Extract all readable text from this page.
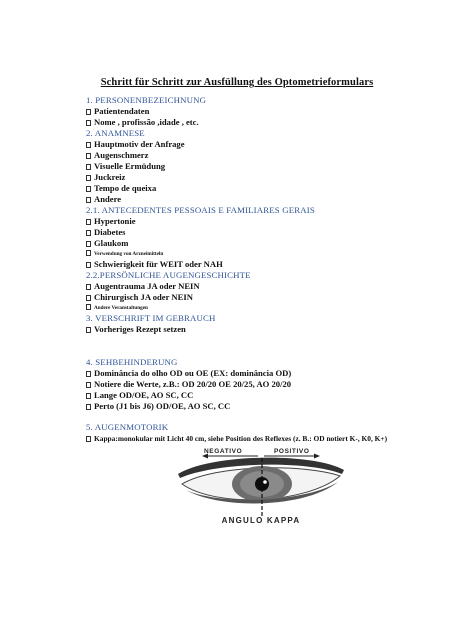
Schritt für Schritt zur Ausfüllung des Optometrieformulars
1. PERSONENBEZEICHNUNG
Patientendaten
Nome , profissão ,idade , etc.
2. ANAMNESE
Hauptmotiv der Anfrage
Augenschmerz
Visuelle Ermüdung
Juckreiz
Tempo de queixa
Andere
2.1. ANTECEDENTES PESSOAIS E FAMILIARES GERAIS
Hypertonie
Diabetes
Glaukom
Verwendung von Arzneimitteln
Schwierigkeit für WEIT oder NAH
2.2.PERSÖNLICHE AUGENGESCHICHTE
Augentrauma JA oder NEIN
Chirurgisch JA oder NEIN
Andere Veranstaltungen
3. VERSCHRIFT IM GEBRAUCH
Vorheriges Rezept setzen
4. SEHBEHINDERUNG
Dominância do olho OD ou OE (EX: dominância OD)
Notiere die Werte, z.B.: OD 20/20 OE 20/25, AO 20/20
Lange OD/OE, AO SC, CC
Perto (J1 bis J6) OD/OE, AO SC, CC
5. AUGENMOTORIK
Kappa:monokular mit Licht 40 cm, siehe Position des Reflexes (z. B.: OD notiert K-, K0, K+)
NEGATIVO	POSITIVO
ANGULO KAPPA
